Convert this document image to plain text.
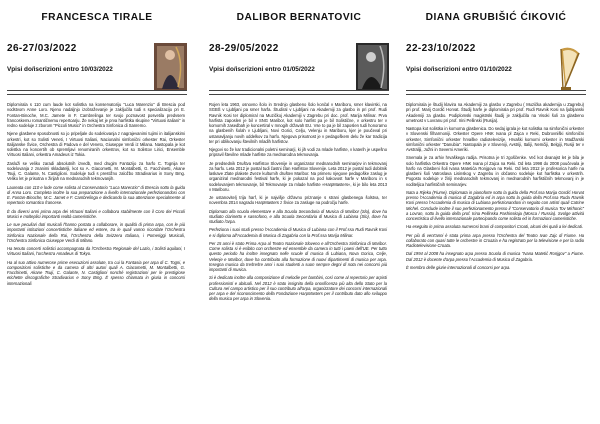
FRANCESCA TIRALE
26-27/03/2022
Vpisi do/iscrizioni entro 10/03/2022

Diplomirala s 110 cum laude kot solistka na konservatoriju "Luca Marenzio" di Brescia pod vodstvom Anne Loro. Njeno nadaljnjo izobraževanje je zaključila tudi s specializacijo pri E. Fontan-Binoche, M.C. Jamete in F. Cambrelinga ter svojo poznavost posvetila predvsem francoskemu romantičnemu repertoarju. Že nekaj let je prva harfistka skupine "Virtuosi italiani" in redno sodeluje z zborom "Piccoli Musici" in Orchestra Sinfonica di Sanremo.

Njene glasbene sposobnosti so jo pripeljale do sodelovanja z nagrajevanimi tujimi in italijanskimi orkestri, kot so Solisti Veneti, I Virtuosi Italiani, Nacionalni simfonični orkester Rai, Orkester Italijanske Švice, Orchestra di Padova e del Veneto, Giuseppe Verdi iz Milana. Nastopala je kot solistka na koncertih ob spremljavi renomiranih orkestrov, kot so Solistov Lirici, Ensemble Virtuosi Italiani, orkestra Amadeus iz Tokia.

Zasluži se veliko zaradi absolutnih izvedb, med drugim Fantazijo za harfo C. Tognija ter sodelovanja z znanimi skladatelji, kot so A. Giacometti, M. Montalbetti, G. Facchinetti, Akane Tsuji, C. Galante, N. Castiglioni. Sodeluje tudi s prestižno založbo Stradivarius in Sony Bmg. Veliko let je prisotna v žirijah na mednarodnih tekmovanjih.

Laureata con 110 e lode come solista al Conservatorio "Luca Marenzio" di Brescia sotto la guida di Anna Loro. Completa inoltre la sua preparazione a livello internazionale perfezionandosi con E. Fontan-Binoche, M.C. Jamet e F. Cambrelinga e dedicando la sua attenzione specialmente al repertorio romantico francese.

È da diversi anni prima arpa dei Virtuosi Italiani e collabora stabilmente con il Coro dei Piccoli Musici e molteplici importanti realtà cameristiche.

Le sue peculiari doti musicali l'hanno portata a collaborare, in qualità di prima arpa, con le più importanti istituzioni concertistiche italiane ed estere, tra le quali vanno ricordate l'Orchestra Sinfonica Nazionale della Rai, l'Orchestra della Svizzera Italiana, i Pomeriggi Musicali, l'Orchestra Sinfonica Giuseppe Verdi di Milano.

Ha tenuto concerti solistici accompagnata da l'Orchestra Regionale del Lazio, i Solisti aquilani, I Virtuosi Italiani, l'orchestra Amadeus di Tokyo.

Ha al suo attivo numerose prime esecuzioni assolute, tra cui la Fantasia per arpa di C. Togni, e composizioni solistiche e da camera di altri autori quali A. Giacometti, M. Montalbetti, G. Facchinetti, Akane Tsuji, C. Galante, N. Castiglioni nonché registrazioni per le prestigiose etichette discografiche Stradivarius e Sony Bmg. È spesso chiamata in giuria in concorsi internazionali.

DALIBOR BERNATOVIC
28-29/05/2022
Vpisi do/iscrizioni entro 01/05/2022

Rojen leta 1963, osnovno šolo in Srednjo glasbeno šolo končal v Mariboru, smer klavirski, na SGBŠ v Ljubljani pa smer harfa. Študiral v Ljubljani na Akademiji za glasbo in pri prof. Rudi Ravnik Kosi ter diplomiral na Muzičkoj Akademiji v Zagrebu pri doc. prof. Marija Milinar. Prva harfista zaposlen je bil v SNG Maribor, kot solo harfist pa je bil Solistične, v orkestru ter v komornih zasedbah je koncertiral v mnogih državah EU. Vse to pa je bil zaposlen tudi honorarno na glasbenih šolah v Ljubljani, Novi Gorici, Celju, Velenju in Mariboru, kjer je poučeval pri ustanavljanju novih oddelkov za harfo. Njegova prisotnost je v pedagoškem delu že kar tradicija ter pri oblikovanju številnih mladih harfistov.

Njegovi so že kar tradicionalni poletni seminarji, ki jih vodi za mlade harfiste, v katerih je uspešno pripravil številne mlade harfiste za mednarodna tekmovanja.

Je predsednik Društva Harfistov Slovenije in organizator mednarodnih seminarjev in tekmovanj za harfo. Leta 2012 je postal tudi častni član Harfistov Slovenije. Leta 2012 je postal tudi dobitnik laskave Zlate plakete Zveze kulturnih društev Maribor. Na primeru njegove pedagoške zaslug je organiziral mednarodni festival harfe, ki je pokazal na pod kakovost harfe v Mariboru in s sodelovanjem tekmovanje, bil Tekmovanje za mlade harfiste »HarpMasters«, ki je bilo leta 2013 v Mariboru.

Je ustanovitelj trija harf, ki je najvišje državno priznanje s strani glasbenega šolstva, ter novembra 2014 nagrado HarpMasters z Švice za zasluge na področju harfe.

Diplomato alla scuola elementare e alla Scuola Secondaria di Musica di Maribor (Slo), dove ha studiato clarinetto e sassofono, e alla Scuola Secondaria di Musica di Lubiana (Slo), dove ha studiato l'arpa.

Perfeziona i suoi studi presso l'Accademia di Musica di Lubiana con il Prof.ssa Rudi Ravnik Kosi e si diploma all'Accademia di Musica di Zagabria con la Prof.ssa Marija Milinar.

Per 15 anni è stato Prima Arpa al Teatro Nazionale Sloveno e all'Orchestra Sinfonica di Maribor. Come solista si è esibito con orchestre ed ensemble da camera in tutti i paesi dell'UE. Per tutto questo periodo ha inoltre insegnato nelle scuole di musica di Lubiana, Nova Gorica, Celje, Velenje e Maribor, dove ha contribuito alla formazione di nuovi dipartimenti di musica per arpa. Insegna musica da tre/tre/tre anni i suoi studenti a suon sempre degni di nota nei concorsi più importanti di musica.

Si è dedicato inoltre alla composizione di melodie per bambini, così come al repertorio per arpisti professionisti e abituali. Nel 2012 è stato insignito della onorificenza più alta dello Stato per la Cultura nel campo artistico per il suo contributo all'arpa, organizzatore dei concorsi internazionali per arpa e del riconoscimento della Fondazione HarpMasters per il contributo dato allo sviluppo della musica per arpa in Slovenia.

DIANA GRUBIŠIĆ ĆIKOVIĆ
22-23/10/2022
Vpisi do/iscrizioni entro 01/10/2022

Diplomirala je študij klavira na Akademiji za glasbo v Zagrebu ( Muzička akademija u Zagrebu) pri prof. Marij Gordić Horvat. Študij harfe je diplomirala pri prof. Rudi Ravnik Kosi na ljubljanski Akademiji za glasbo. Podiplomski magistrski študij je zaključila na Visoki šoli za glasbeno umetnost v Lovranu pri prof. Irini Pellinski (Rusija).

Nastopa kot solistka in komorna glasbenica. Do sedaj igrala je kot solistka na simfonični orkester v Slovenski filharmoniji. Orkester Opere HNK Ivana pl Zajca v Reki, Dubrovniški simfonični orkester, Simfonični orkester hrvaške radiotelevizije, Hrvaški komorni orkester in Madžarski simfonični orkester "Danubia". Nastopala je v Sloveniji, Avstriji, Italiji, Nemčiji, Belgiji, Rusiji ter v Avstraliji, Južni in Severni Ameriki.

Snemala je za arhiv hrvaškega radija. Prisotna je tri zgoščenke. Več kot dvanajst let je bila je solo harfistka Orkestra Opere HNK Ivana pl Zajca na Reki. Od leta 1998 do 2008 poučevala je harfo na Glasbeni šoli Ivana Matetića Ronjgova na Reki. Od leta 2012 je profesorica harfe na glasbeni šoli Vatroslava Lisinskog v Zagrebu in občasno sodeluje kot harfistka v orkestrih. Pogosto sodeluje v žiriji mednarodnih tekmovanj in mednarodnih harfističnih tekmovanj in je voditeljica harfističnih seminarjev.

Nata a Rijeka (Fiume). Diplomata in pianoforte sotto la guida della Prof.ssa Marija Gordić Horvat presso l'Accademia di musica di Zagabria ed in arpa sotto la guida della Prof.ssa Ruda Ravnik Kosi presso l'Accademia di musica di Lubiana perfezionandosi in seguito con artisti quali Catrine Michel. Conclude inoltre il suo perfezionamento presso il "Conservatorio di musica Tov Mirhonic" a Lovran, sotto la guida della prof. Irina Pellinska Pashinskaja (Mosca / Russia). Svolge attività concertistica di livello internazionale partecipando come solista ed in formazioni cameristiche.

Ha eseguito in prima assoluta numerosi brani di compositori Croati, alcuni dei quali a lei dedicati.

Per più di vent'anni è stata prima arpa presso l'Orchestra del Teatro Ivan Zajc di Fiume. Ha collaborato con quasi tutte le orchestre in Croazia e ha registrato per la televisione e per la radio Radiotelevisione Croata.

Dal 1994 al 2008 ha insegnato arpa presso Scuola di musica "Ivana Matetić Ronjgov" a Fiume. Dal 2012 è docente d'arpa presso l'Accademia di Musica di Zagabria.

È membro delle giurie internazionali di concorsi per arpa.
